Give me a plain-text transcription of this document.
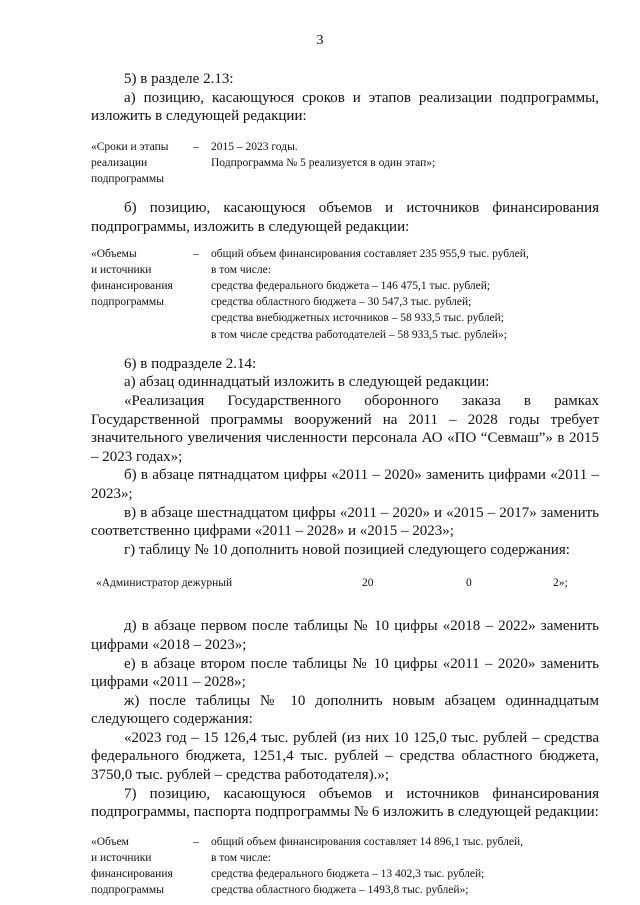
3

5) в разделе 2.13:

а) позицию, касающуюся сроков и этапов реализации подпрограммы, изложить в следующей редакции:

«Сроки и этапы
реализации
подпрограммы
–	2015 – 2023 годы.
Подпрограмма № 5 реализуется в один этап»;

б) позицию, касающуюся объемов и источников финансирования подпрограммы, изложить в следующей редакции:

«Объемы
и источники
финансирования
подпрограммы
–	общий объем финансирования составляет 235 955,9 тыс. рублей,
в том числе:
средства федерального бюджета – 146 475,1 тыс. рублей;
средства областного бюджета – 30 547,3 тыс. рублей;
средства внебюджетных источников – 58 933,5 тыс. рублей;
в том числе средства работодателей – 58 933,5 тыс. рублей»;

6) в подразделе 2.14:

а) абзац одиннадцатый изложить в следующей редакции:

«Реализация Государственного оборонного заказа в рамках Государственной программы вооружений на 2011 – 2028 годы требует значительного увеличения численности персонала АО «ПО “Севмаш”» в 2015 – 2023 годах»;

б) в абзаце пятнадцатом цифры «2011 – 2020» заменить цифрами «2011 – 2023»;

в) в абзаце шестнадцатом цифры «2011 – 2020» и «2015 – 2017» заменить соответственно цифрами «2011 – 2028» и «2015 – 2023»;

г) таблицу № 10 дополнить новой позицией следующего содержания:

«Администратор дежурный	20	0	2»;

д) в абзаце первом после таблицы № 10 цифры «2018 – 2022» заменить цифрами «2018 – 2023»;

е) в абзаце втором после таблицы № 10 цифры «2011 – 2020» заменить цифрами «2011 – 2028»;

ж) после таблицы № 10 дополнить новым абзацем одиннадцатым следующего содержания:

«2023 год – 15 126,4 тыс. рублей (из них 10 125,0 тыс. рублей – средства федерального бюджета, 1251,4 тыс. рублей – средства областного бюджета, 3750,0 тыс. рублей – средства работодателя).»;

7) позицию, касающуюся объемов и источников финансирования подпрограммы, паспорта подпрограммы № 6 изложить в следующей редакции:

«Объем
и источники
финансирования
подпрограммы
–	общий объем финансирования составляет 14 896,1 тыс. рублей,
в том числе:
средства федерального бюджета – 13 402,3 тыс. рублей;
средства областного бюджета – 1493,8 тыс. рублей»;
